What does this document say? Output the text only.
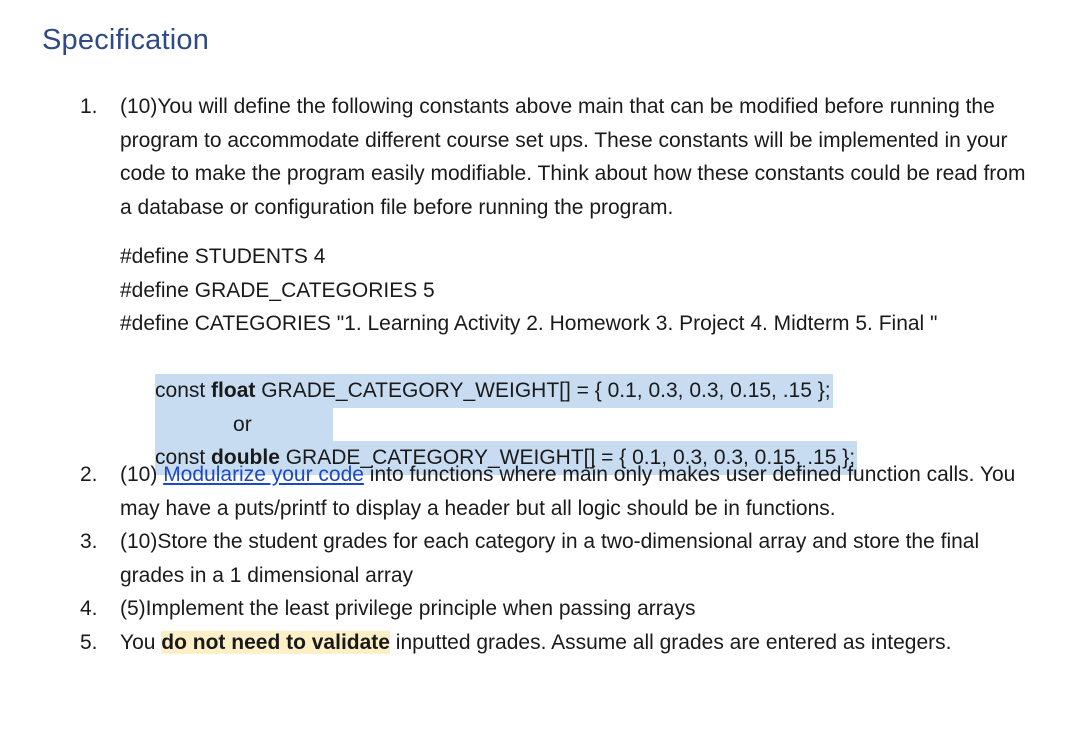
Specification
1.	(10)You will define the following constants above main that can be modified before running the program to accommodate different course set ups. These constants will be implemented in your code to make the program easily modifiable. Think about how these constants could be read from a database or configuration file before running the program.
#define STUDENTS 4
#define GRADE_CATEGORIES 5
#define CATEGORIES "1. Learning Activity 2. Homework 3. Project 4. Midterm 5. Final "

const float GRADE_CATEGORY_WEIGHT[] = { 0.1, 0.3, 0.3, 0.15, .15 };

or

const double GRADE_CATEGORY_WEIGHT[] = { 0.1, 0.3, 0.3, 0.15, .15 };

2.	(10) Modularize your code into functions where main only makes user defined function calls. You may have a puts/printf to display a header but all logic should be in functions.
3.	(10)Store the student grades for each category in a two-dimensional array and store the final grades in a 1 dimensional array
4.	(5)Implement the least privilege principle when passing arrays
5.	You do not need to validate inputted grades. Assume all grades are entered as integers.
